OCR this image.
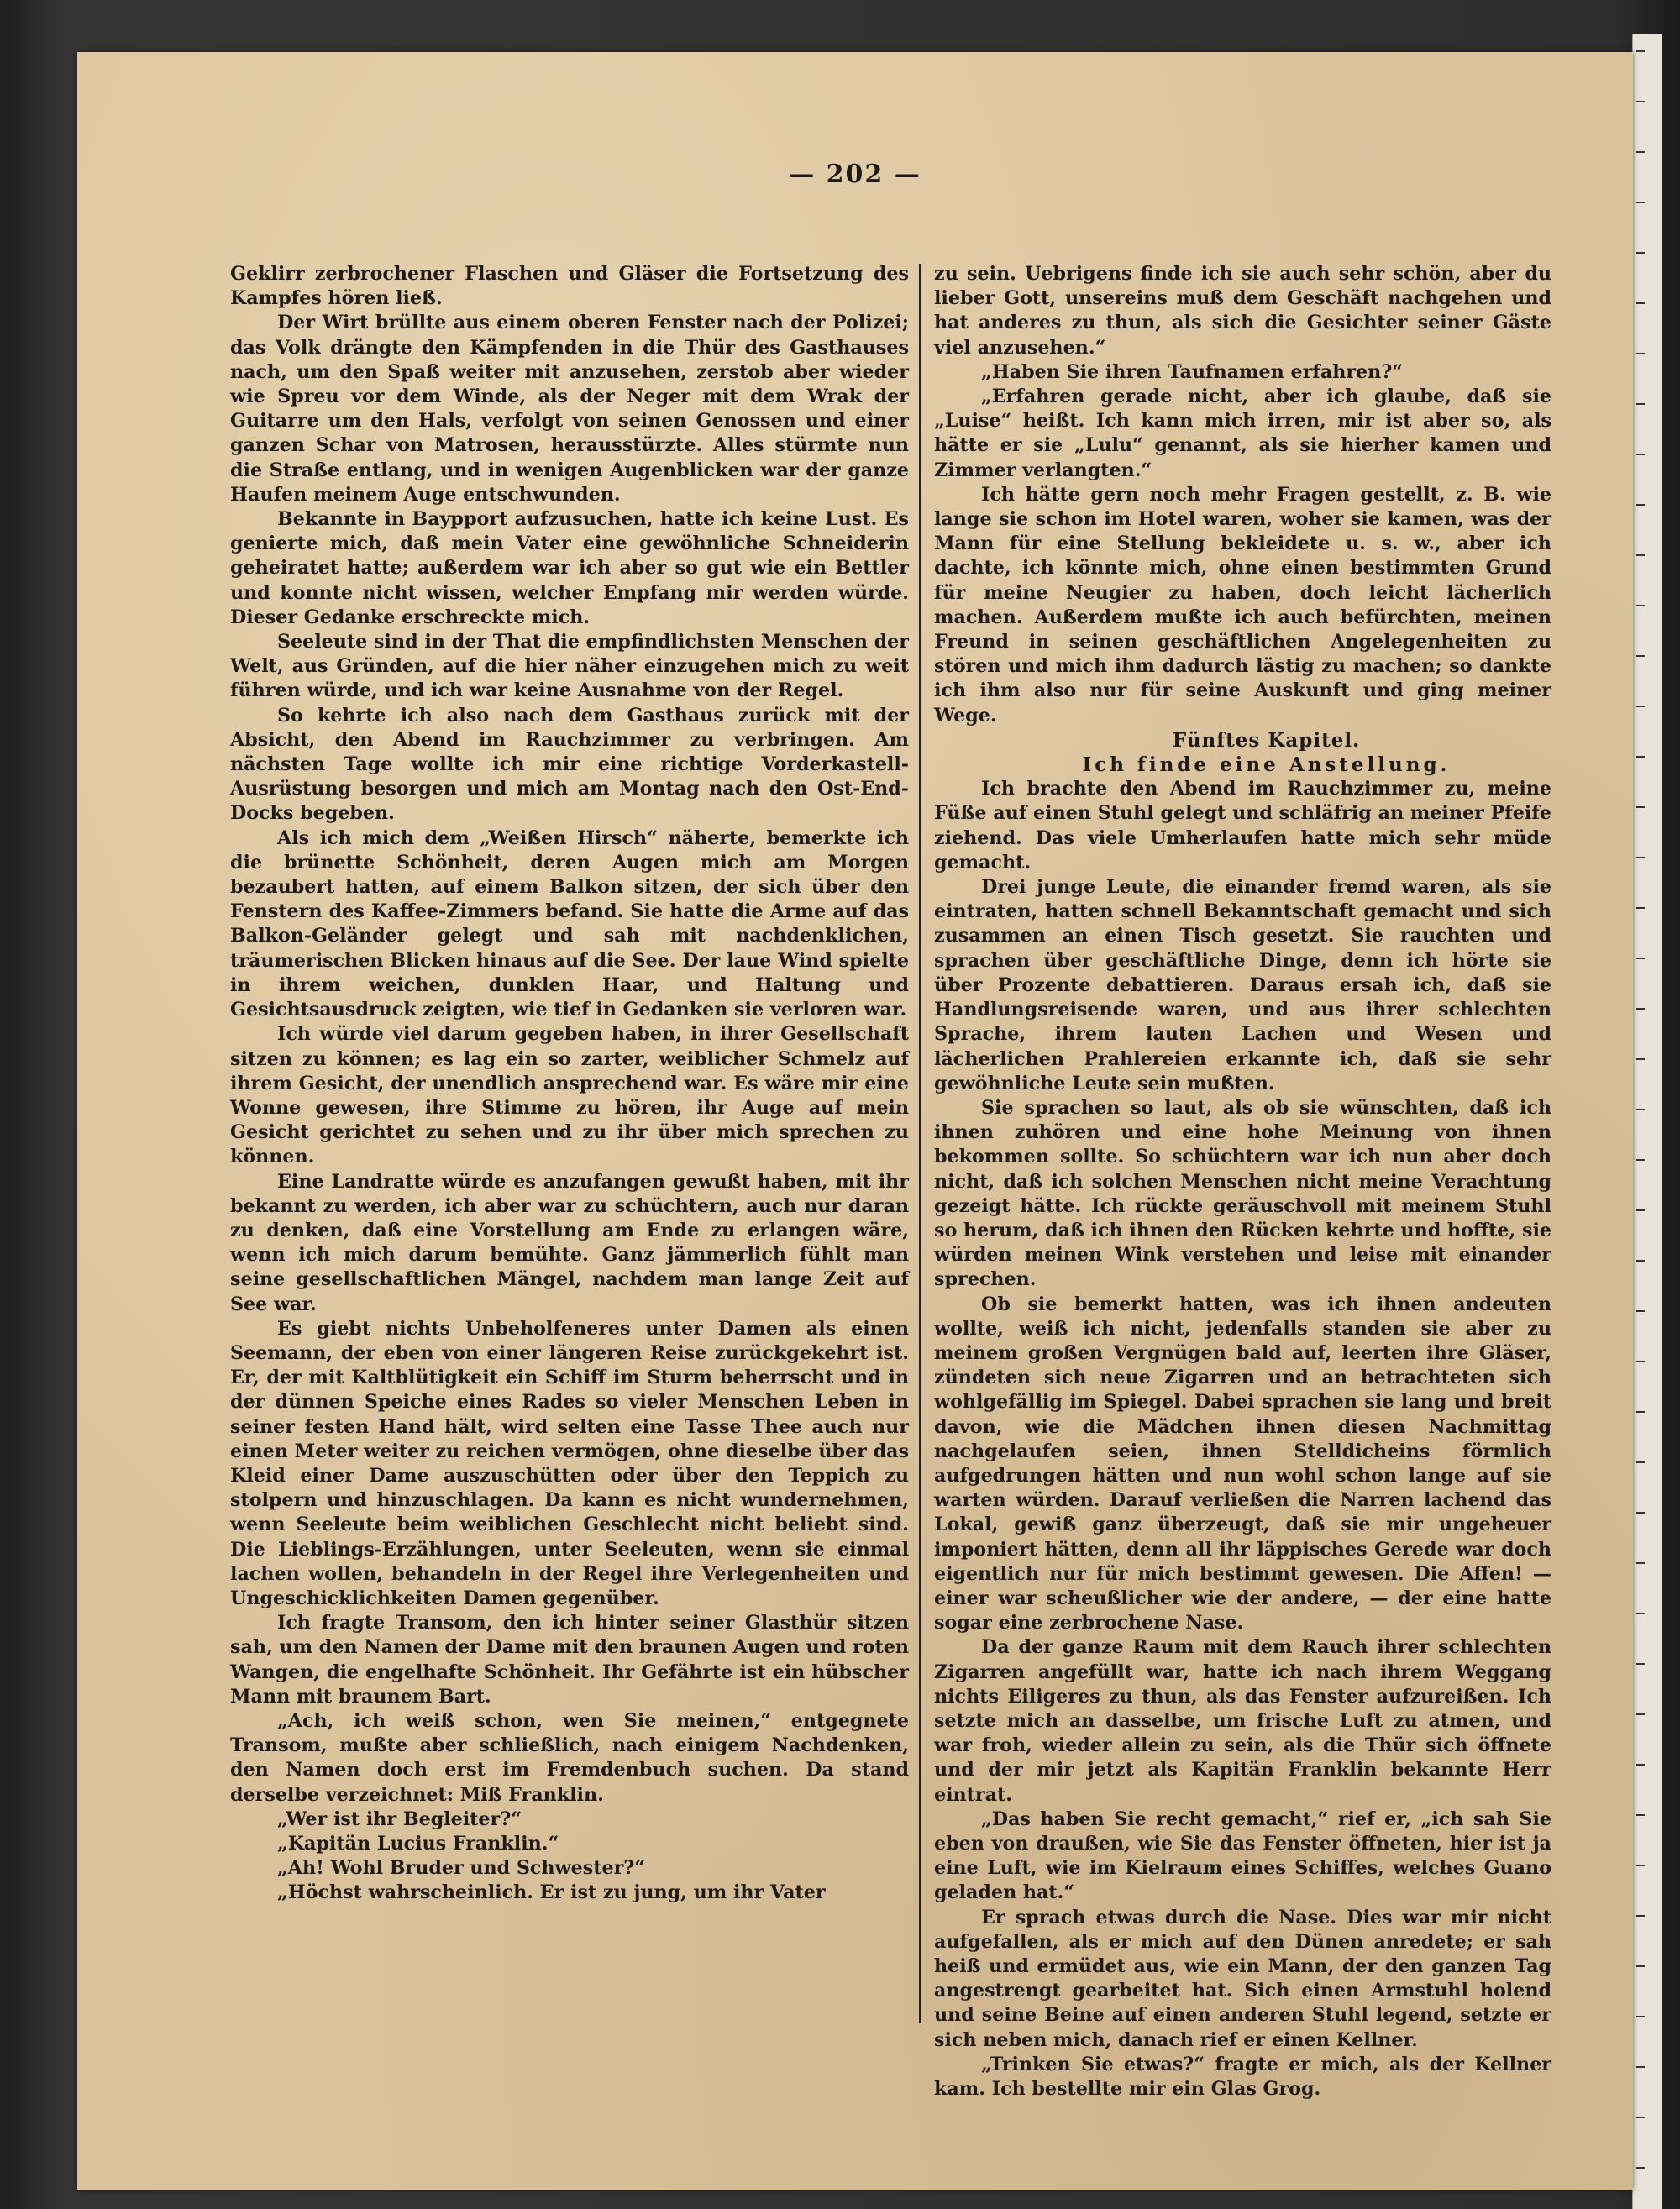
— 202 —

Geklirr zerbrochener Flaschen und Gläser die Fortsetzung des Kampfes hören ließ.

Der Wirt brüllte aus einem oberen Fenster nach der Polizei; das Volk drängte den Kämpfenden in die Thür des Gasthauses nach, um den Spaß weiter mit anzusehen, zerstob aber wieder wie Spreu vor dem Winde, als der Neger mit dem Wrak der Guitarre um den Hals, verfolgt von seinen Genossen und einer ganzen Schar von Matrosen, herausstürzte. Alles stürmte nun die Straße entlang, und in wenigen Augenblicken war der ganze Haufen meinem Auge entschwunden.

Bekannte in Baypport aufzusuchen, hatte ich keine Lust. Es genierte mich, daß mein Vater eine gewöhnliche Schneiderin geheiratet hatte; außerdem war ich aber so gut wie ein Bettler und konnte nicht wissen, welcher Empfang mir werden würde. Dieser Gedanke erschreckte mich.

Seeleute sind in der That die empfindlichsten Menschen der Welt, aus Gründen, auf die hier näher einzugehen mich zu weit führen würde, und ich war keine Ausnahme von der Regel.

So kehrte ich also nach dem Gasthaus zurück mit der Absicht, den Abend im Rauchzimmer zu verbringen. Am nächsten Tage wollte ich mir eine richtige Vorderkastell-Ausrüstung besorgen und mich am Montag nach den Ost-End-Docks begeben.

Als ich mich dem „Weißen Hirsch“ näherte, bemerkte ich die brünette Schönheit, deren Augen mich am Morgen bezaubert hatten, auf einem Balkon sitzen, der sich über den Fenstern des Kaffee-Zimmers befand. Sie hatte die Arme auf das Balkon-Geländer gelegt und sah mit nachdenklichen, träumerischen Blicken hinaus auf die See. Der laue Wind spielte in ihrem weichen, dunklen Haar, und Haltung und Gesichtsausdruck zeigten, wie tief in Gedanken sie verloren war.

Ich würde viel darum gegeben haben, in ihrer Gesellschaft sitzen zu können; es lag ein so zarter, weiblicher Schmelz auf ihrem Gesicht, der unendlich ansprechend war. Es wäre mir eine Wonne gewesen, ihre Stimme zu hören, ihr Auge auf mein Gesicht gerichtet zu sehen und zu ihr über mich sprechen zu können.

Eine Landratte würde es anzufangen gewußt haben, mit ihr bekannt zu werden, ich aber war zu schüchtern, auch nur daran zu denken, daß eine Vorstellung am Ende zu erlangen wäre, wenn ich mich darum bemühte. Ganz jämmerlich fühlt man seine gesellschaftlichen Mängel, nachdem man lange Zeit auf See war.

Es giebt nichts Unbeholfeneres unter Damen als einen Seemann, der eben von einer längeren Reise zurückgekehrt ist. Er, der mit Kaltblütigkeit ein Schiff im Sturm beherrscht und in der dünnen Speiche eines Rades so vieler Menschen Leben in seiner festen Hand hält, wird selten eine Tasse Thee auch nur einen Meter weiter zu reichen vermögen, ohne dieselbe über das Kleid einer Dame auszuschütten oder über den Teppich zu stolpern und hinzuschlagen. Da kann es nicht wundernehmen, wenn Seeleute beim weiblichen Geschlecht nicht beliebt sind. Die Lieblings-Erzählungen, unter Seeleuten, wenn sie einmal lachen wollen, behandeln in der Regel ihre Verlegenheiten und Ungeschicklichkeiten Damen gegenüber.

Ich fragte Transom, den ich hinter seiner Glasthür sitzen sah, um den Namen der Dame mit den braunen Augen und roten Wangen, die engelhafte Schönheit. Ihr Gefährte ist ein hübscher Mann mit braunem Bart.

„Ach, ich weiß schon, wen Sie meinen,“ entgegnete Transom, mußte aber schließlich, nach einigem Nachdenken, den Namen doch erst im Fremdenbuch suchen. Da stand derselbe verzeichnet: Miß Franklin.

„Wer ist ihr Begleiter?“

„Kapitän Lucius Franklin.“

„Ah! Wohl Bruder und Schwester?“

„Höchst wahrscheinlich. Er ist zu jung, um ihr Vater

zu sein. Uebrigens finde ich sie auch sehr schön, aber du lieber Gott, unsereins muß dem Geschäft nachgehen und hat anderes zu thun, als sich die Gesichter seiner Gäste viel anzusehen.“

„Haben Sie ihren Taufnamen erfahren?“

„Erfahren gerade nicht, aber ich glaube, daß sie „Luise“ heißt. Ich kann mich irren, mir ist aber so, als hätte er sie „Lulu“ genannt, als sie hierher kamen und Zimmer verlangten.“

Ich hätte gern noch mehr Fragen gestellt, z. B. wie lange sie schon im Hotel waren, woher sie kamen, was der Mann für eine Stellung bekleidete u. s. w., aber ich dachte, ich könnte mich, ohne einen bestimmten Grund für meine Neugier zu haben, doch leicht lächerlich machen. Außerdem mußte ich auch befürchten, meinen Freund in seinen geschäftlichen Angelegenheiten zu stören und mich ihm dadurch lästig zu machen; so dankte ich ihm also nur für seine Auskunft und ging meiner Wege.

Fünftes Kapitel.

Ich finde eine Anstellung.

Ich brachte den Abend im Rauchzimmer zu, meine Füße auf einen Stuhl gelegt und schläfrig an meiner Pfeife ziehend. Das viele Umherlaufen hatte mich sehr müde gemacht.

Drei junge Leute, die einander fremd waren, als sie eintraten, hatten schnell Bekanntschaft gemacht und sich zusammen an einen Tisch gesetzt. Sie rauchten und sprachen über geschäftliche Dinge, denn ich hörte sie über Prozente debattieren. Daraus ersah ich, daß sie Handlungsreisende waren, und aus ihrer schlechten Sprache, ihrem lauten Lachen und Wesen und lächerlichen Prahlereien erkannte ich, daß sie sehr gewöhnliche Leute sein mußten.

Sie sprachen so laut, als ob sie wünschten, daß ich ihnen zuhören und eine hohe Meinung von ihnen bekommen sollte. So schüchtern war ich nun aber doch nicht, daß ich solchen Menschen nicht meine Verachtung gezeigt hätte. Ich rückte geräuschvoll mit meinem Stuhl so herum, daß ich ihnen den Rücken kehrte und hoffte, sie würden meinen Wink verstehen und leise mit einander sprechen.

Ob sie bemerkt hatten, was ich ihnen andeuten wollte, weiß ich nicht, jedenfalls standen sie aber zu meinem großen Vergnügen bald auf, leerten ihre Gläser, zündeten sich neue Zigarren und an betrachteten sich wohlgefällig im Spiegel. Dabei sprachen sie lang und breit davon, wie die Mädchen ihnen diesen Nachmittag nachgelaufen seien, ihnen Stelldicheins förmlich aufgedrungen hätten und nun wohl schon lange auf sie warten würden. Darauf verließen die Narren lachend das Lokal, gewiß ganz überzeugt, daß sie mir ungeheuer imponiert hätten, denn all ihr läppisches Gerede war doch eigentlich nur für mich bestimmt gewesen. Die Affen! — einer war scheußlicher wie der andere, — der eine hatte sogar eine zerbrochene Nase.

Da der ganze Raum mit dem Rauch ihrer schlechten Zigarren angefüllt war, hatte ich nach ihrem Weggang nichts Eiligeres zu thun, als das Fenster aufzureißen. Ich setzte mich an dasselbe, um frische Luft zu atmen, und war froh, wieder allein zu sein, als die Thür sich öffnete und der mir jetzt als Kapitän Franklin bekannte Herr eintrat.

„Das haben Sie recht gemacht,“ rief er, „ich sah Sie eben von draußen, wie Sie das Fenster öffneten, hier ist ja eine Luft, wie im Kielraum eines Schiffes, welches Guano geladen hat.“

Er sprach etwas durch die Nase. Dies war mir nicht aufgefallen, als er mich auf den Dünen anredete; er sah heiß und ermüdet aus, wie ein Mann, der den ganzen Tag angestrengt gearbeitet hat. Sich einen Armstuhl holend und seine Beine auf einen anderen Stuhl legend, setzte er sich neben mich, danach rief er einen Kellner.

„Trinken Sie etwas?“ fragte er mich, als der Kellner kam. Ich bestellte mir ein Glas Grog.
